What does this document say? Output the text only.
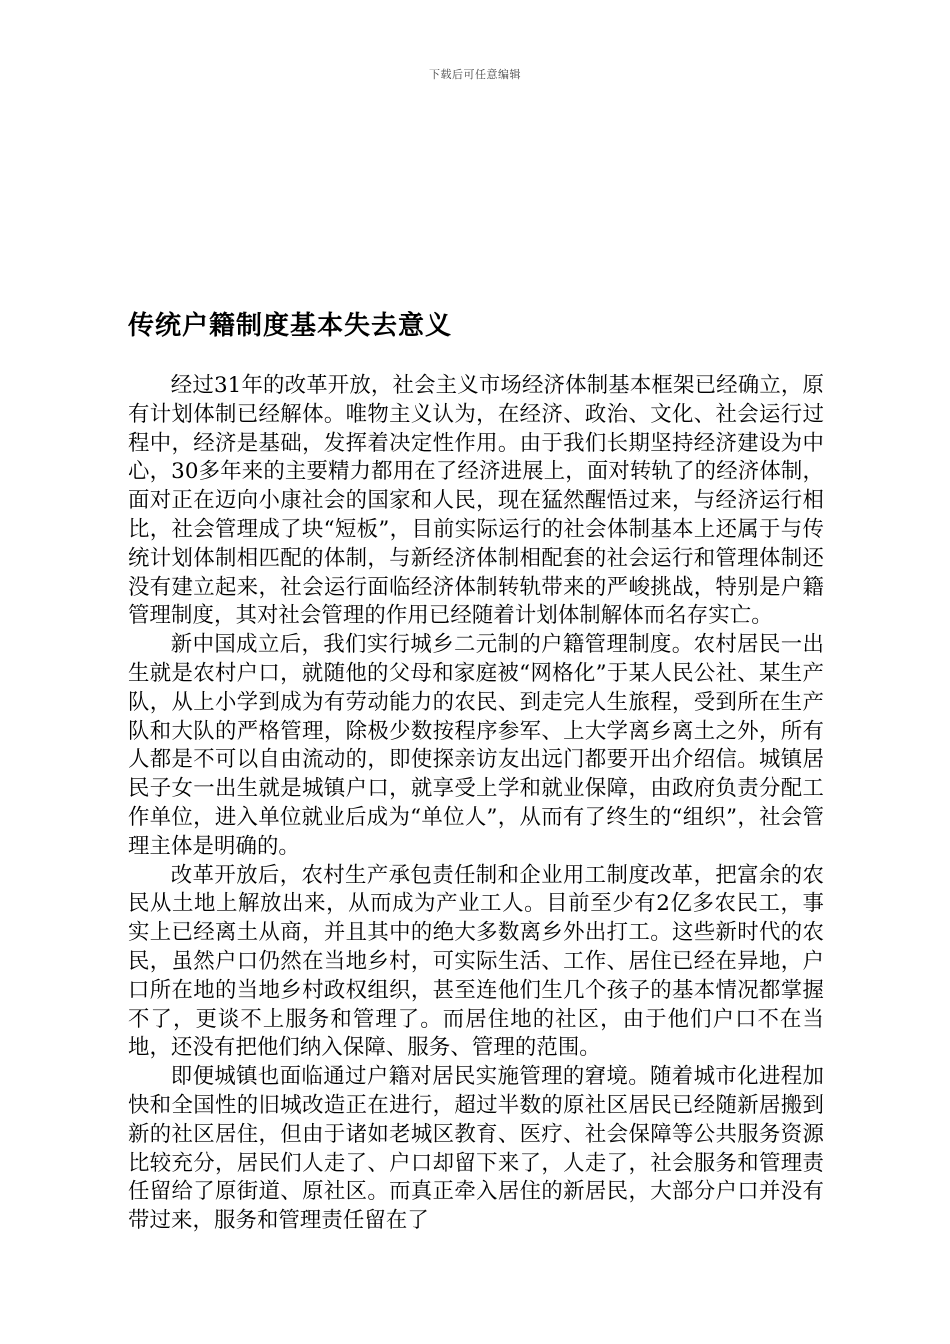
下载后可任意编辑
传统户籍制度基本失去意义

经过31年的改革开放，社会主义市场经济体制基本框架已经确立，原有计划体制已经解体。唯物主义认为，在经济、政治、文化、社会运行过程中，经济是基础，发挥着决定性作用。由于我们长期坚持经济建设为中心，30多年来的主要精力都用在了经济进展上，面对转轨了的经济体制，面对正在迈向小康社会的国家和人民，现在猛然醒悟过来，与经济运行相比，社会管理成了块“短板”，目前实际运行的社会体制基本上还属于与传统计划体制相匹配的体制，与新经济体制相配套的社会运行和管理体制还没有建立起来，社会运行面临经济体制转轨带来的严峻挑战，特别是户籍管理制度，其对社会管理的作用已经随着计划体制解体而名存实亡。

新中国成立后，我们实行城乡二元制的户籍管理制度。农村居民一出生就是农村户口，就随他的父母和家庭被“网格化”于某人民公社、某生产队，从上小学到成为有劳动能力的农民、到走完人生旅程，受到所在生产队和大队的严格管理，除极少数按程序参军、上大学离乡离土之外，所有人都是不可以自由流动的，即使探亲访友出远门都要开出介绍信。城镇居民子女一出生就是城镇户口，就享受上学和就业保障，由政府负责分配工作单位，进入单位就业后成为“单位人”，从而有了终生的“组织”，社会管理主体是明确的。

改革开放后，农村生产承包责任制和企业用工制度改革，把富余的农民从土地上解放出来，从而成为产业工人。目前至少有2亿多农民工，事实上已经离土从商，并且其中的绝大多数离乡外出打工。这些新时代的农民，虽然户口仍然在当地乡村，可实际生活、工作、居住已经在异地，户口所在地的当地乡村政权组织，甚至连他们生几个孩子的基本情况都掌握不了，更谈不上服务和管理了。而居住地的社区，由于他们户口不在当地，还没有把他们纳入保障、服务、管理的范围。

即便城镇也面临通过户籍对居民实施管理的窘境。随着城市化进程加快和全国性的旧城改造正在进行，超过半数的原社区居民已经随新居搬到新的社区居住，但由于诸如老城区教育、医疗、社会保障等公共服务资源比较充分，居民们人走了、户口却留下来了，人走了，社会服务和管理责任留给了原街道、原社区。而真正牵入居住的新居民，大部分户口并没有带过来，服务和管理责任留在了
